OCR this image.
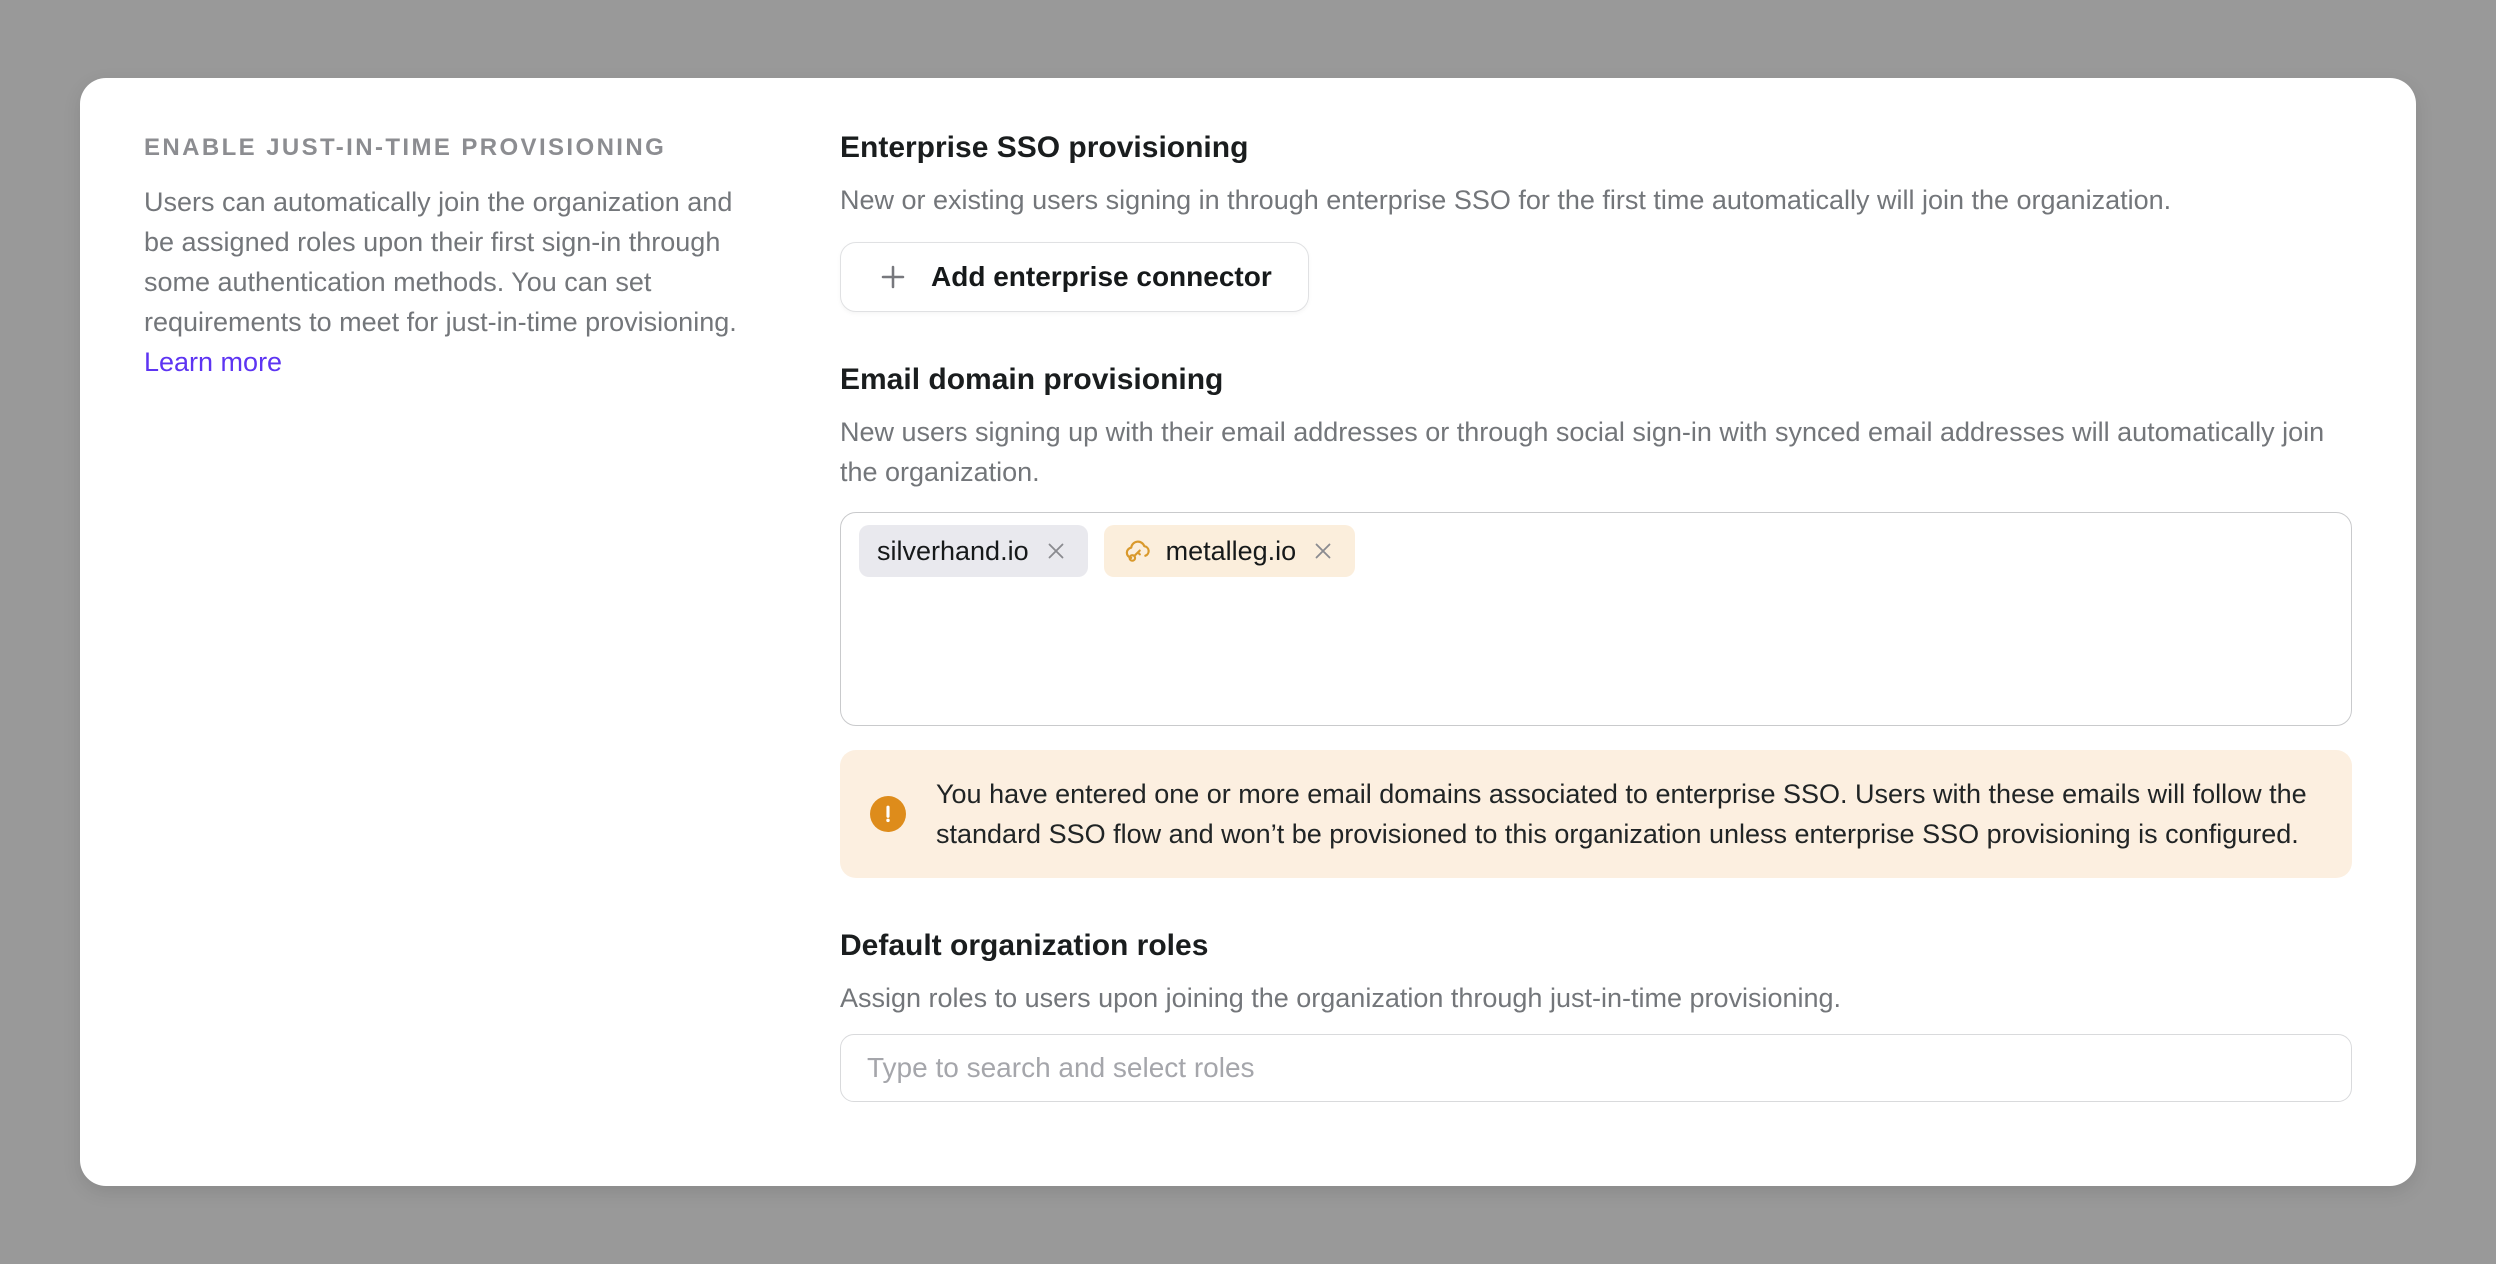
ENABLE JUST-IN-TIME PROVISIONING

Users can automatically join the organization and be assigned roles upon their first sign-in through some authentication methods. You can set requirements to meet for just-in-time provisioning. Learn more

Enterprise SSO provisioning

New or existing users signing in through enterprise SSO for the first time automatically will join the organization.

Add enterprise connector
Email domain provisioning

New users signing up with their email addresses or through social sign-in with synced email addresses will automatically join the organization.

silverhand.io	metalleg.io

You have entered one or more email domains associated to enterprise SSO. Users with these emails will follow the standard SSO flow and won’t be provisioned to this organization unless enterprise SSO provisioning is configured.

Default organization roles

Assign roles to users upon joining the organization through just-in-time provisioning.

Type to search and select roles
